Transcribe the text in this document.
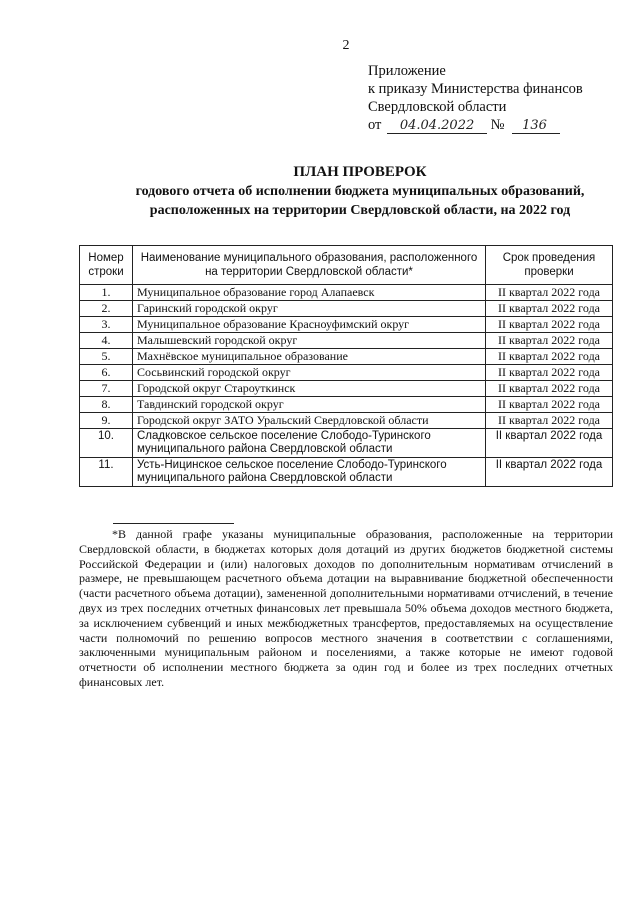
2
Приложение
к приказу Министерства финансов
Свердловской области
от 04.04.2022 № 136
ПЛАН ПРОВЕРОК
годового отчета об исполнении бюджета муниципальных образований,
расположенных на территории Свердловской области, на 2022 год
Номер строки	Наименование муниципального образования, расположенного на территории Свердловской области*	Срок проведения проверки
1.	Муниципальное образование город Алапаевск	II квартал 2022 года
2.	Гаринский городской округ	II квартал 2022 года
3.	Муниципальное образование Красноуфимский округ	II квартал 2022 года
4.	Малышевский городской округ	II квартал 2022 года
5.	Махнёвское муниципальное образование	II квартал 2022 года
6.	Сосьвинский городской округ	II квартал 2022 года
7.	Городской округ Староуткинск	II квартал 2022 года
8.	Тавдинский городской округ	II квартал 2022 года
9.	Городской округ ЗАТО Уральский Свердловской области	II квартал 2022 года
10.	Сладковское сельское поселение Слободо-Туринского муниципального района Свердловской области	II квартал 2022 года
11.	Усть-Ницинское сельское поселение Слободо-Туринского муниципального района Свердловской области	II квартал 2022 года
*В данной графе указаны муниципальные образования, расположенные на территории Свердловской области, в бюджетах которых доля дотаций из других бюджетов бюджетной системы Российской Федерации и (или) налоговых доходов по дополнительным нормативам отчислений в размере, не превышающем расчетного объема дотации на выравнивание бюджетной обеспеченности (части расчетного объема дотации), замененной дополнительными нормативами отчислений, в течение двух из трех последних отчетных финансовых лет превышала 50% объема доходов местного бюджета, за исключением субвенций и иных межбюджетных трансфертов, предоставляемых на осуществление части полномочий по решению вопросов местного значения в соответствии с соглашениями, заключенными муниципальным районом и поселениями, а также которые не имеют годовой отчетности об исполнении местного бюджета за один год и более из трех последних отчетных финансовых лет.
